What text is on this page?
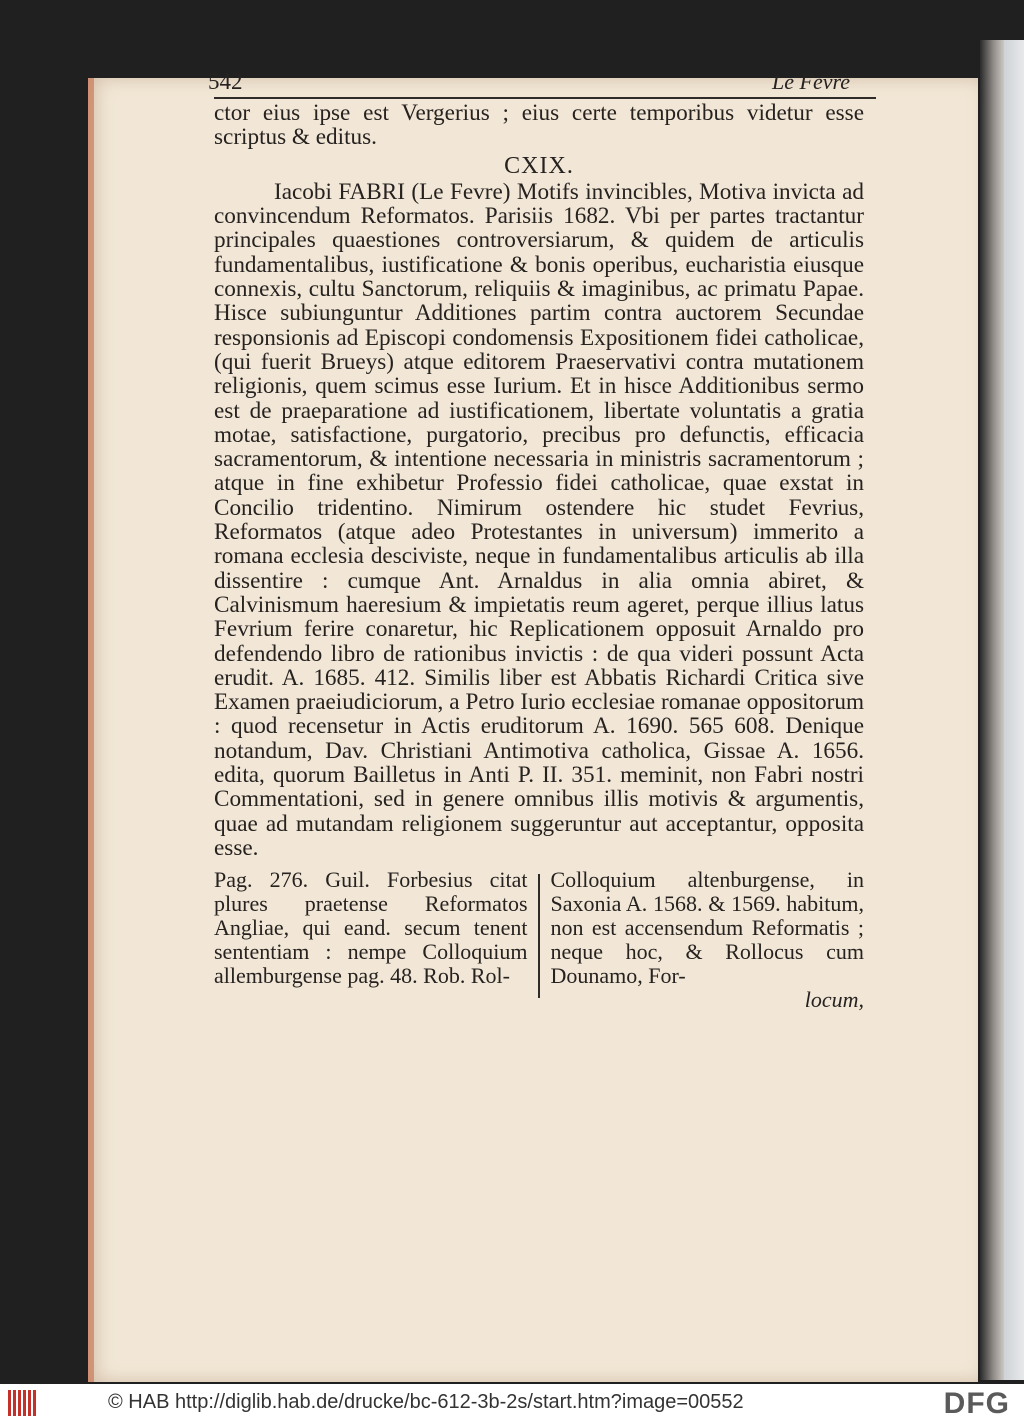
542	Le Fevre

ctor eius ipse est Vergerius ; eius certe temporibus videtur esse scriptus & editus.

CXIX.

Iacobi FABRI (Le Fevre) Motifs invincibles, Motiva invicta ad convincendum Reformatos. Parisiis 1682. Vbi per partes tractantur principales quaestiones controversiarum, & quidem de articulis fundamentalibus, iustificatione & bonis operibus, eucharistia eiusque connexis, cultu Sanctorum, reliquiis & imaginibus, ac primatu Papae. Hisce subiunguntur Additiones partim contra auctorem Secundae responsionis ad Episcopi condomensis Expositionem fidei catholicae, (qui fuerit Brueys) atque editorem Praeservativi contra mutationem religionis, quem scimus esse Iurium. Et in hisce Additionibus sermo est de praeparatione ad iustificationem, libertate voluntatis a gratia motae, satisfactione, purgatorio, precibus pro defunctis, efficacia sacramentorum, & intentione necessaria in ministris sacramentorum ; atque in fine exhibetur Professio fidei catholicae, quae exstat in Concilio tridentino. Nimirum ostendere hic studet Fevrius, Reformatos (atque adeo Protestantes in universum) immerito a romana ecclesia desciviste, neque in fundamentalibus articulis ab illa dissentire : cumque Ant. Arnaldus in alia omnia abiret, & Calvinismum haeresium & impietatis reum ageret, perque illius latus Fevrium ferire conaretur, hic Replicationem opposuit Arnaldo pro defendendo libro de rationibus invictis : de qua videri possunt Acta erudit. A. 1685. 412. Similis liber est Abbatis Richardi Critica sive Examen praeiudiciorum, a Petro Iurio ecclesiae romanae oppositorum : quod recensetur in Actis eruditorum A. 1690. 565 608. Denique notandum, Dav. Christiani Antimotiva catholica, Gissae A. 1656. edita, quorum Bailletus in Anti P. II. 351. meminit, non Fabri nostri Commentationi, sed in genere omnibus illis motivis & argumentis, quae ad mutandam religionem suggeruntur aut acceptantur, opposita esse.

Pag. 276. Guil. Forbesius citat plures praetense Reformatos Angliae, qui eand. secum tenent sententiam : nempe Colloquium allemburgense pag. 48. Rob. Rol-

Colloquium altenburgense, in Saxonia A. 1568. & 1569. habitum, non est accensendum Reformatis ; neque hoc, & Rollocus cum Dounamo, For-

locum,
© HAB http://diglib.hab.de/drucke/bc-612-3b-2s/start.htm?image=00552	DFG
